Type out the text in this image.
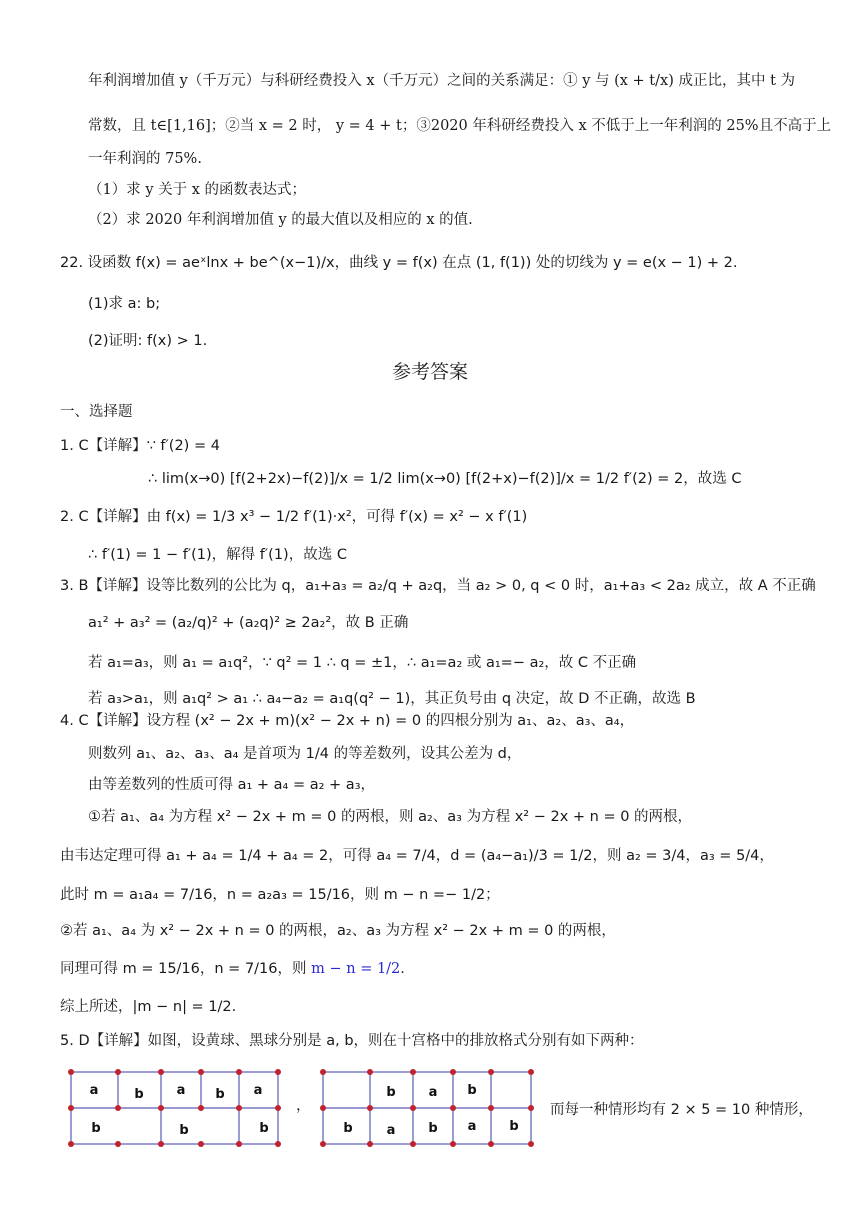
年利润增加值 y（千万元）与科研经费投入 x（千万元）之间的关系满足：① y 与 (x + t/x) 成正比，其中 t 为
常数，且 t∈[1,16]；②当 x = 2 时， y = 4 + t；③2020 年科研经费投入 x 不低于上一年利润的 25%且不高于上
一年利润的 75%.
（1）求 y 关于 x 的函数表达式；
（2）求 2020 年利润增加值 y 的最大值以及相应的 x 的值.
22. 设函数 f(x) = aeˣlnx + be^(x−1)/x，曲线 y = f(x) 在点 (1, f(1)) 处的切线为 y = e(x − 1) + 2.
(1)求 a: b;
(2)证明: f(x) > 1.
参考答案
一、选择题
1. C【详解】∵ f′(2) = 4
∴ lim(x→0) [f(2+2x)−f(2)]/x = 1/2 lim(x→0) [f(2+x)−f(2)]/x = 1/2 f′(2) = 2，故选 C
2. C【详解】由 f(x) = 1/3 x³ − 1/2 f′(1)·x²，可得 f′(x) = x² − x f′(1)
∴ f′(1) = 1 − f′(1)，解得 f′(1)，故选 C
3. B【详解】设等比数列的公比为 q，a₁+a₃ = a₂/q + a₂q，当 a₂ > 0, q < 0 时，a₁+a₃ < 2a₂ 成立，故 A 不正确
a₁² + a₃² = (a₂/q)² + (a₂q)² ≥ 2a₂²，故 B 正确
若 a₁=a₃，则 a₁ = a₁q²，∵ q² = 1 ∴ q = ±1，∴ a₁=a₂ 或 a₁=− a₂，故 C 不正确
若 a₃>a₁，则 a₁q² > a₁ ∴ a₄−a₂ = a₁q(q² − 1)，其正负号由 q 决定，故 D 不正确，故选 B
4. C【详解】设方程 (x² − 2x + m)(x² − 2x + n) = 0 的四根分别为 a₁、a₂、a₃、a₄，
则数列 a₁、a₂、a₃、a₄ 是首项为 1/4 的等差数列，设其公差为 d，
由等差数列的性质可得 a₁ + a₄ = a₂ + a₃，
①若 a₁、a₄ 为方程 x² − 2x + m = 0 的两根，则 a₂、a₃ 为方程 x² − 2x + n = 0 的两根，
由韦达定理可得 a₁ + a₄ = 1/4 + a₄ = 2，可得 a₄ = 7/4，d = (a₄−a₁)/3 = 1/2，则 a₂ = 3/4，a₃ = 5/4，
此时 m = a₁a₄ = 7/16，n = a₂a₃ = 15/16，则 m − n =− 1/2；
②若 a₁、a₄ 为 x² − 2x + n = 0 的两根，a₂、a₃ 为方程 x² − 2x + m = 0 的两根，
同理可得 m = 15/16，n = 7/16，则 m − n = 1/2.
综上所述，|m − n| = 1/2.
5. D【详解】如图，设黄球、黑球分别是 a, b，则在十宫格中的排放格式分别有如下两种：
a	b	a b a
b	b	b
，
b	a b
b	a	b a	b
而每一种情形均有 2 × 5 = 10 种情形，
